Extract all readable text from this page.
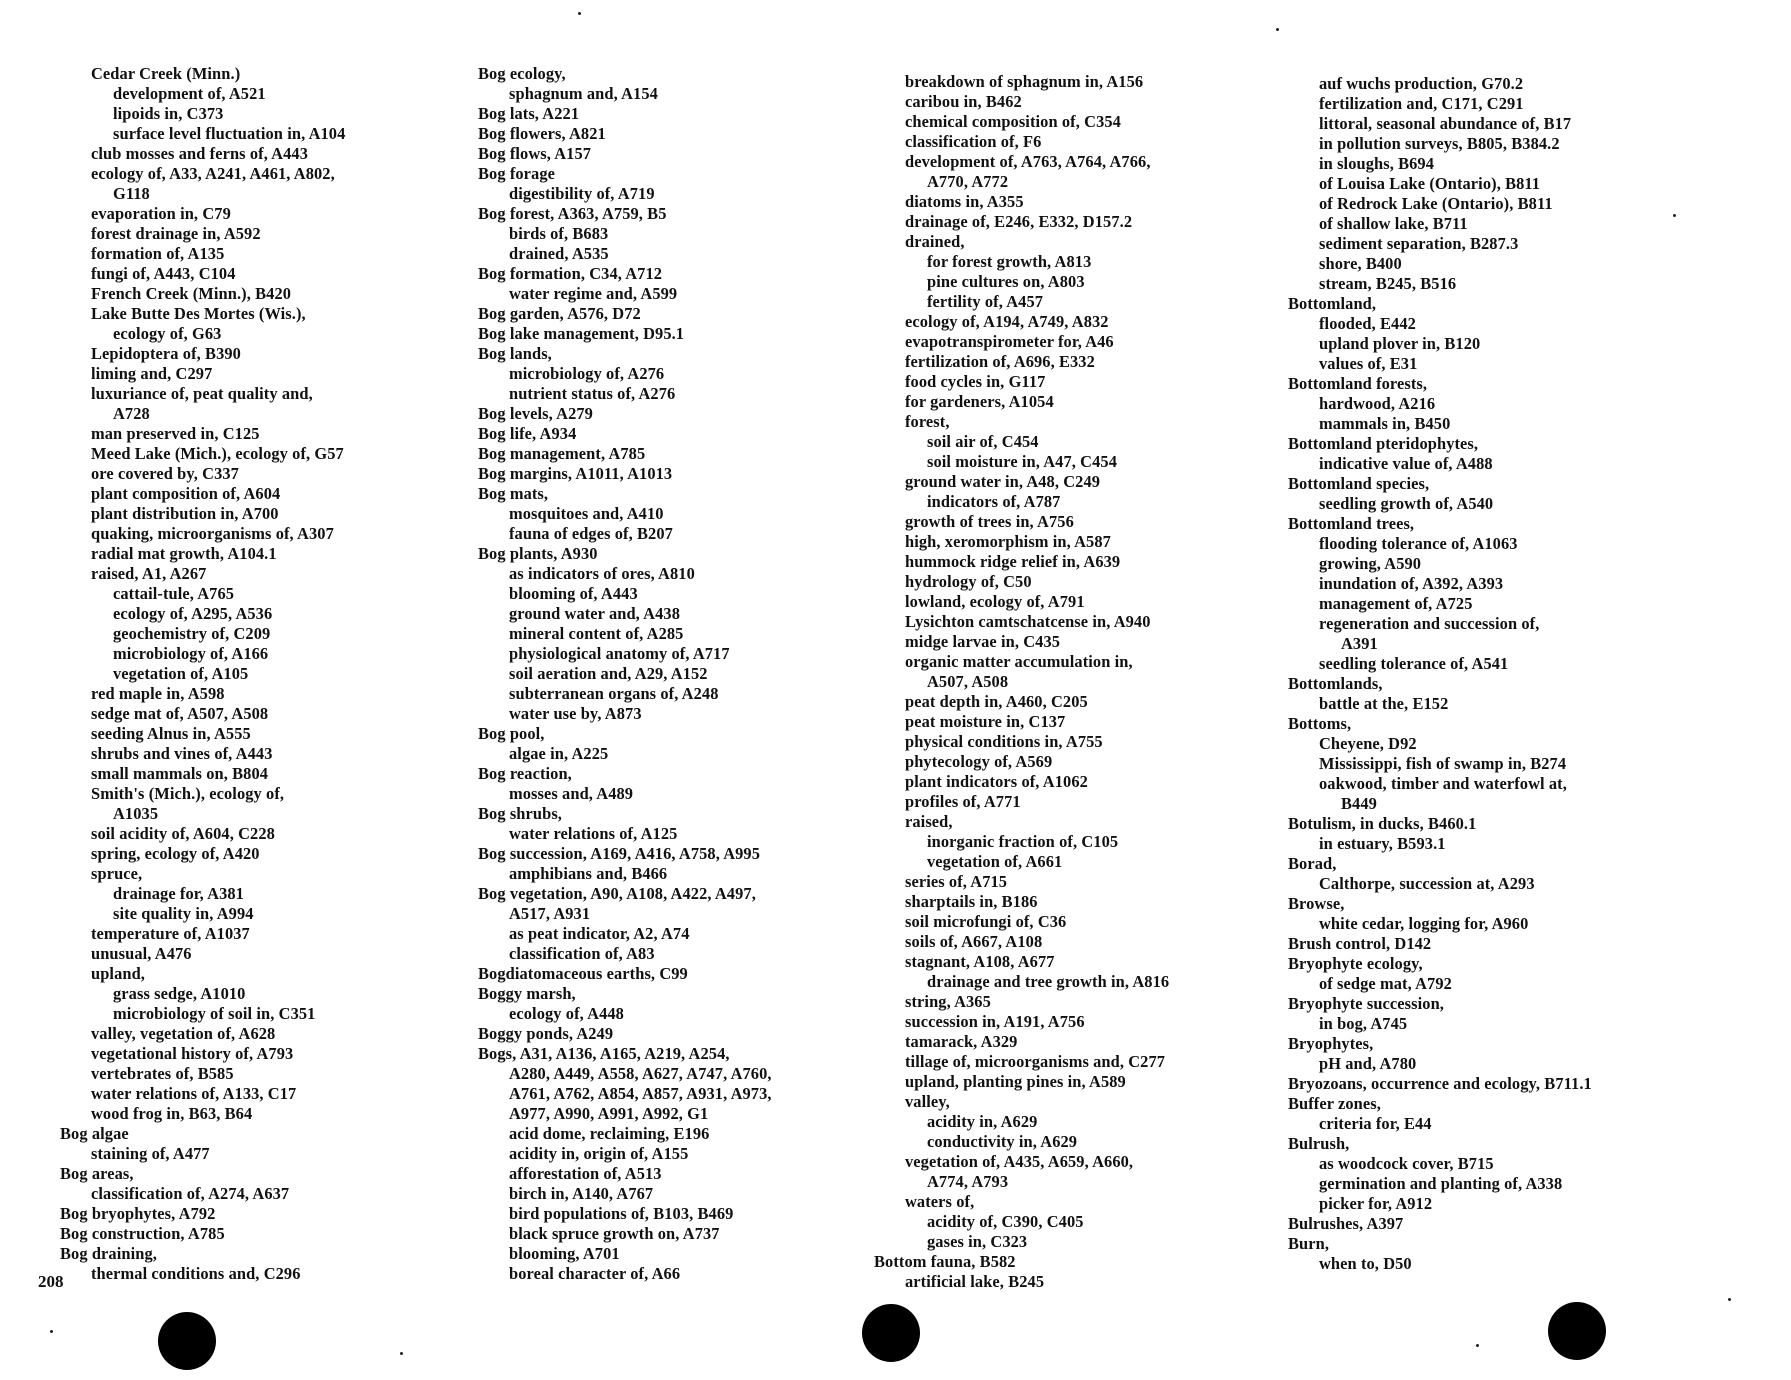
Cedar Creek (Minn.)
development of, A521
lipoids in, C373
surface level fluctuation in, A104
club mosses and ferns of, A443
ecology of, A33, A241, A461, A802,
G118
evaporation in, C79
forest drainage in, A592
formation of, A135
fungi of, A443, C104
French Creek (Minn.), B420
Lake Butte Des Mortes (Wis.),
ecology of, G63
Lepidoptera of, B390
liming and, C297
luxuriance of, peat quality and,
A728
man preserved in, C125
Meed Lake (Mich.), ecology of, G57
ore covered by, C337
plant composition of, A604
plant distribution in, A700
quaking, microorganisms of, A307
radial mat growth, A104.1
raised, A1, A267
cattail-tule, A765
ecology of, A295, A536
geochemistry of, C209
microbiology of, A166
vegetation of, A105
red maple in, A598
sedge mat of, A507, A508
seeding Alnus in, A555
shrubs and vines of, A443
small mammals on, B804
Smith's (Mich.), ecology of,
A1035
soil acidity of, A604, C228
spring, ecology of, A420
spruce,
drainage for, A381
site quality in, A994
temperature of, A1037
unusual, A476
upland,
grass sedge, A1010
microbiology of soil in, C351
valley, vegetation of, A628
vegetational history of, A793
vertebrates of, B585
water relations of, A133, C17
wood frog in, B63, B64
Bog algae
staining of, A477
Bog areas,
classification of, A274, A637
Bog bryophytes, A792
Bog construction, A785
Bog draining,
thermal conditions and, C296
Bog ecology,
sphagnum and, A154
Bog lats, A221
Bog flowers, A821
Bog flows, A157
Bog forage
digestibility of, A719
Bog forest, A363, A759, B5
birds of, B683
drained, A535
Bog formation, C34, A712
water regime and, A599
Bog garden, A576, D72
Bog lake management, D95.1
Bog lands,
microbiology of, A276
nutrient status of, A276
Bog levels, A279
Bog life, A934
Bog management, A785
Bog margins, A1011, A1013
Bog mats,
mosquitoes and, A410
fauna of edges of, B207
Bog plants, A930
as indicators of ores, A810
blooming of, A443
ground water and, A438
mineral content of, A285
physiological anatomy of, A717
soil aeration and, A29, A152
subterranean organs of, A248
water use by, A873
Bog pool,
algae in, A225
Bog reaction,
mosses and, A489
Bog shrubs,
water relations of, A125
Bog succession, A169, A416, A758, A995
amphibians and, B466
Bog vegetation, A90, A108, A422, A497,
A517, A931
as peat indicator, A2, A74
classification of, A83
Bogdiatomaceous earths, C99
Boggy marsh,
ecology of, A448
Boggy ponds, A249
Bogs, A31, A136, A165, A219, A254,
A280, A449, A558, A627, A747, A760,
A761, A762, A854, A857, A931, A973,
A977, A990, A991, A992, G1
acid dome, reclaiming, E196
acidity in, origin of, A155
afforestation of, A513
birch in, A140, A767
bird populations of, B103, B469
black spruce growth on, A737
blooming, A701
boreal character of, A66
breakdown of sphagnum in, A156
caribou in, B462
chemical composition of, C354
classification of, F6
development of, A763, A764, A766,
A770, A772
diatoms in, A355
drainage of, E246, E332, D157.2
drained,
for forest growth, A813
pine cultures on, A803
fertility of, A457
ecology of, A194, A749, A832
evapotranspirometer for, A46
fertilization of, A696, E332
food cycles in, G117
for gardeners, A1054
forest,
soil air of, C454
soil moisture in, A47, C454
ground water in, A48, C249
indicators of, A787
growth of trees in, A756
high, xeromorphism in, A587
hummock ridge relief in, A639
hydrology of, C50
lowland, ecology of, A791
Lysichton camtschatcense in, A940
midge larvae in, C435
organic matter accumulation in,
A507, A508
peat depth in, A460, C205
peat moisture in, C137
physical conditions in, A755
phytecology of, A569
plant indicators of, A1062
profiles of, A771
raised,
inorganic fraction of, C105
vegetation of, A661
series of, A715
sharptails in, B186
soil microfungi of, C36
soils of, A667, A108
stagnant, A108, A677
drainage and tree growth in, A816
string, A365
succession in, A191, A756
tamarack, A329
tillage of, microorganisms and, C277
upland, planting pines in, A589
valley,
acidity in, A629
conductivity in, A629
vegetation of, A435, A659, A660,
A774, A793
waters of,
acidity of, C390, C405
gases in, C323
Bottom fauna, B582
artificial lake, B245
auf wuchs production, G70.2
fertilization and, C171, C291
littoral, seasonal abundance of, B17
in pollution surveys, B805, B384.2
in sloughs, B694
of Louisa Lake (Ontario), B811
of Redrock Lake (Ontario), B811
of shallow lake, B711
sediment separation, B287.3
shore, B400
stream, B245, B516
Bottomland,
flooded, E442
upland plover in, B120
values of, E31
Bottomland forests,
hardwood, A216
mammals in, B450
Bottomland pteridophytes,
indicative value of, A488
Bottomland species,
seedling growth of, A540
Bottomland trees,
flooding tolerance of, A1063
growing, A590
inundation of, A392, A393
management of, A725
regeneration and succession of,
A391
seedling tolerance of, A541
Bottomlands,
battle at the, E152
Bottoms,
Cheyene, D92
Mississippi, fish of swamp in, B274
oakwood, timber and waterfowl at,
B449
Botulism, in ducks, B460.1
in estuary, B593.1
Borad,
Calthorpe, succession at, A293
Browse,
white cedar, logging for, A960
Brush control, D142
Bryophyte ecology,
of sedge mat, A792
Bryophyte succession,
in bog, A745
Bryophytes,
pH and, A780
Bryozoans, occurrence and ecology, B711.1
Buffer zones,
criteria for, E44
Bulrush,
as woodcock cover, B715
germination and planting of, A338
picker for, A912
Bulrushes, A397
Burn,
when to, D50
208
